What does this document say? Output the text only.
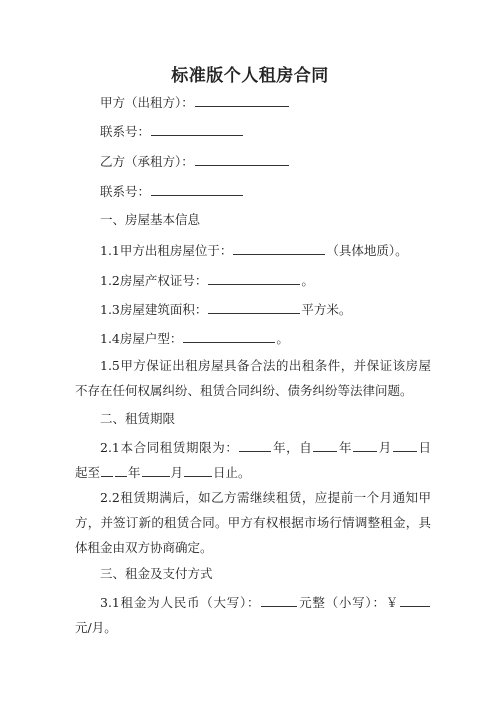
标准版个人租房合同
甲方（出租方）：
联系号：
乙方（承租方）：
联系号：
一、房屋基本信息
1.1甲方出租房屋位于：	（具体地质）。
1.2房屋产权证号：	。
1.3房屋建筑面积：	平方米。
1.4房屋户型：	。
1.5甲方保证出租房屋具备合法的出租条件，并保证该房屋不存在任何权属纠纷、租赁合同纠纷、债务纠纷等法律问题。
二、租赁期限
2.1本合同租赁期限为：	年，自 年 月 日起至 年 月 日止。
2.2租赁期满后，如乙方需继续租赁，应提前一个月通知甲方，并签订新的租赁合同。甲方有权根据市场行情调整租金，具体租金由双方协商确定。
三、租金及支付方式
3.1租金为人民币（大写）：	元整（小写）：￥元/月。
